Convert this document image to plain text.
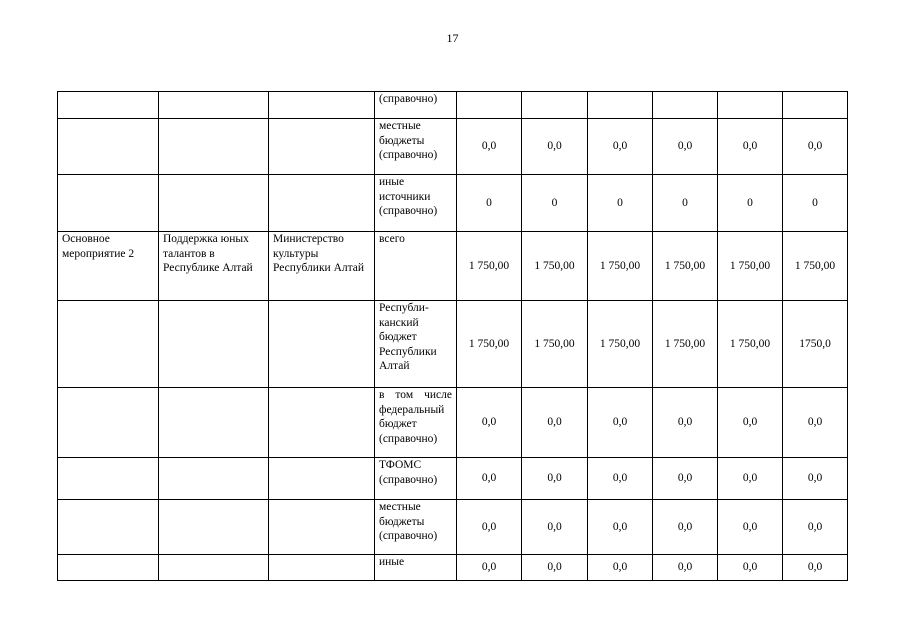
17

			(справочно)						

			местные
бюджеты
(справочно)	0,0	0,0	0,0	0,0	0,0	0,0

			иные
источники
(справочно)	0	0	0	0	0	0
Основное мероприятие 2	Поддержка юных талантов в Республике Алтай	Министерство культуры Республики Алтай	всего	1 750,00	1 750,00	1 750,00	1 750,00	1 750,00	1 750,00

			Республи-
канский
бюджет
Республики
Алтай	1 750,00	1 750,00	1 750,00	1 750,00	1 750,00	1750,0

			в том числе
федеральный
бюджет
(справочно)	0,0	0,0	0,0	0,0	0,0	0,0

			ТФОМС
(справочно)	0,0	0,0	0,0	0,0	0,0	0,0

			местные
бюджеты
(справочно)	0,0	0,0	0,0	0,0	0,0	0,0

			иные	0,0	0,0	0,0	0,0	0,0	0,0
